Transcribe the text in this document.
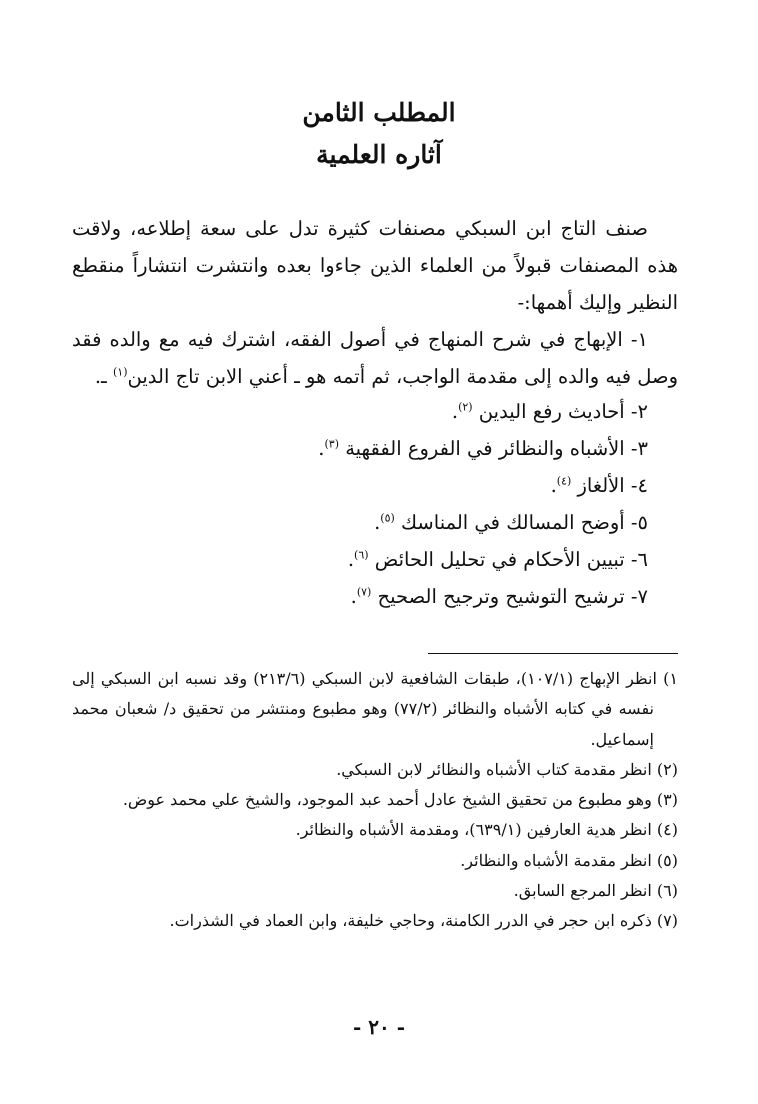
المطلب الثامن
آثاره العلمية

صنف التاج ابن السبكي مصنفات كثيرة تدل على سعة إطلاعه، ولاقت هذه المصنفات قبولاً من العلماء الذين جاءوا بعده وانتشرت انتشاراً منقطع النظير وإليك أهمها:-

١- الإبهاج في شرح المنهاج في أصول الفقه، اشترك فيه مع والده فقد وصل فيه والده إلى مقدمة الواجب، ثم أتمه هو ـ أعني الابن تاج الدين$^{(١)}$ ـ.

٢- أحاديث رفع اليدين $^{(٢)}$.
٣- الأشباه والنظائر في الفروع الفقهية $^{(٣)}$.
٤- الألغاز $^{(٤)}$.
٥- أوضح المسالك في المناسك $^{(٥)}$.
٦- تبيين الأحكام في تحليل الحائض $^{(٦)}$.
٧- ترشيح التوشيح وترجيح الصحيح $^{(٧)}$.
١) انظر الإبهاج (١٠٧/١)، طبقات الشافعية لابن السبكي (٢١٣/٦) وقد نسبه ابن السبكي إلى نفسه في كتابه الأشباه والنظائر (٧٧/٢) وهو مطبوع ومنتشر من تحقيق د/ شعبان محمد إسماعيل.
(٢) انظر مقدمة كتاب الأشباه والنظائر لابن السبكي.
(٣) وهو مطبوع من تحقيق الشيخ عادل أحمد عبد الموجود، والشيخ علي محمد عوض.
(٤) انظر هدية العارفين (٦٣٩/١)، ومقدمة الأشباه والنظائر.
(٥) انظر مقدمة الأشباه والنظائر.
(٦) انظر المرجع السابق.
(٧) ذكره ابن حجر في الدرر الكامنة، وحاجي خليفة، وابن العماد في الشذرات.

- ٢٠ -
